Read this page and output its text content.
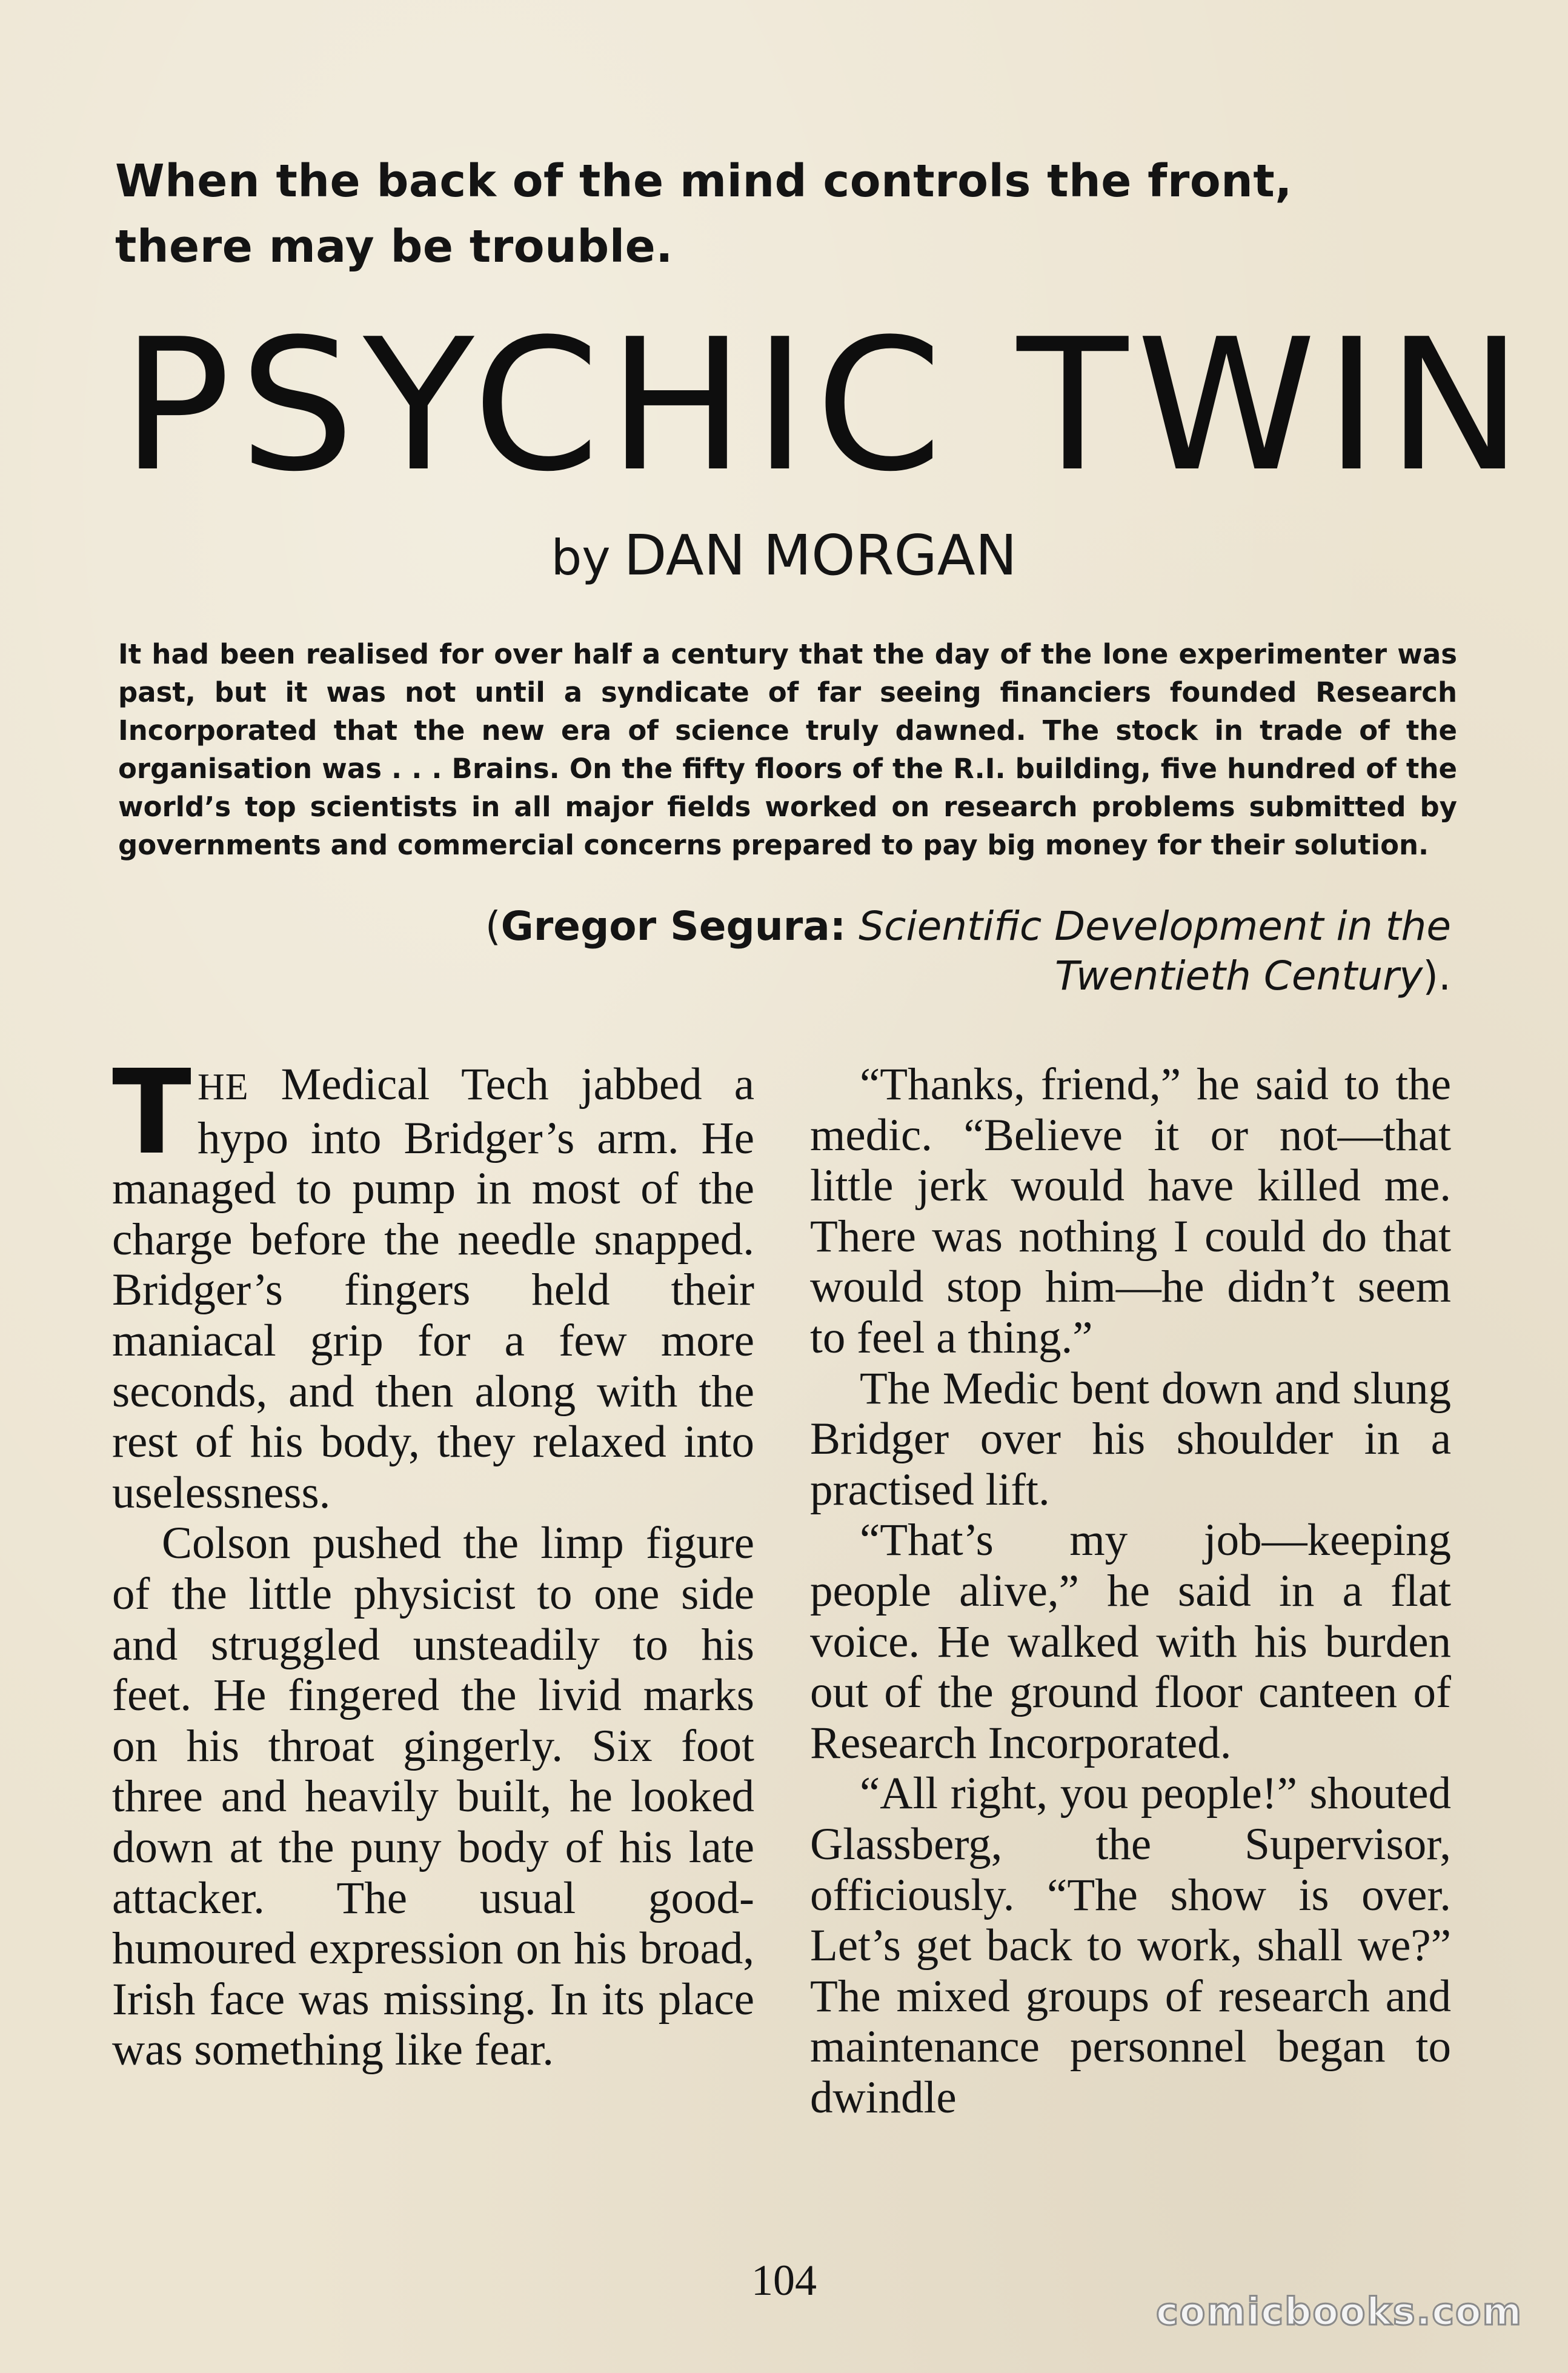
When the back of the mind controls the front,
there may be trouble.
PSYCHIC TWIN
by DAN MORGAN

It had been realised for over half a century that the day of the lone experimenter was past, but it was not until a syndicate of far seeing financiers founded Research Incorporated that the new era of science truly dawned. The stock in trade of the organisation was . . . Brains. On the fifty floors of the R.I. building, five hundred of the world’s top scientists in all major fields worked on research problems submitted by governments and commercial concerns prepared to pay big money for their solution.

(Gregor Segura: Scientific Development in the
Twentieth Century).

THE Medical Tech jabbed a hypo into Bridger’s arm. He managed to pump in most of the charge before the needle snapped. Bridger’s fingers held their maniacal grip for a few more seconds, and then along with the rest of his body, they relaxed into uselessness.

Colson pushed the limp figure of the little physicist to one side and struggled unsteadily to his feet. He fingered the livid marks on his throat gingerly. Six foot three and heavily built, he looked down at the puny body of his late attacker. The usual good-humoured expression on his broad, Irish face was missing. In its place was something like fear.

“Thanks, friend,” he said to the medic. “Believe it or not—that little jerk would have killed me. There was nothing I could do that would stop him—he didn’t seem to feel a thing.”

The Medic bent down and slung Bridger over his shoulder in a practised lift.

“That’s my job—keeping people alive,” he said in a flat voice. He walked with his burden out of the ground floor canteen of Research Incorporated.

“All right, you people!” shouted Glassberg, the Supervisor, officiously. “The show is over. Let’s get back to work, shall we?” The mixed groups of research and maintenance personnel began to dwindle

104
comicbooks.com
